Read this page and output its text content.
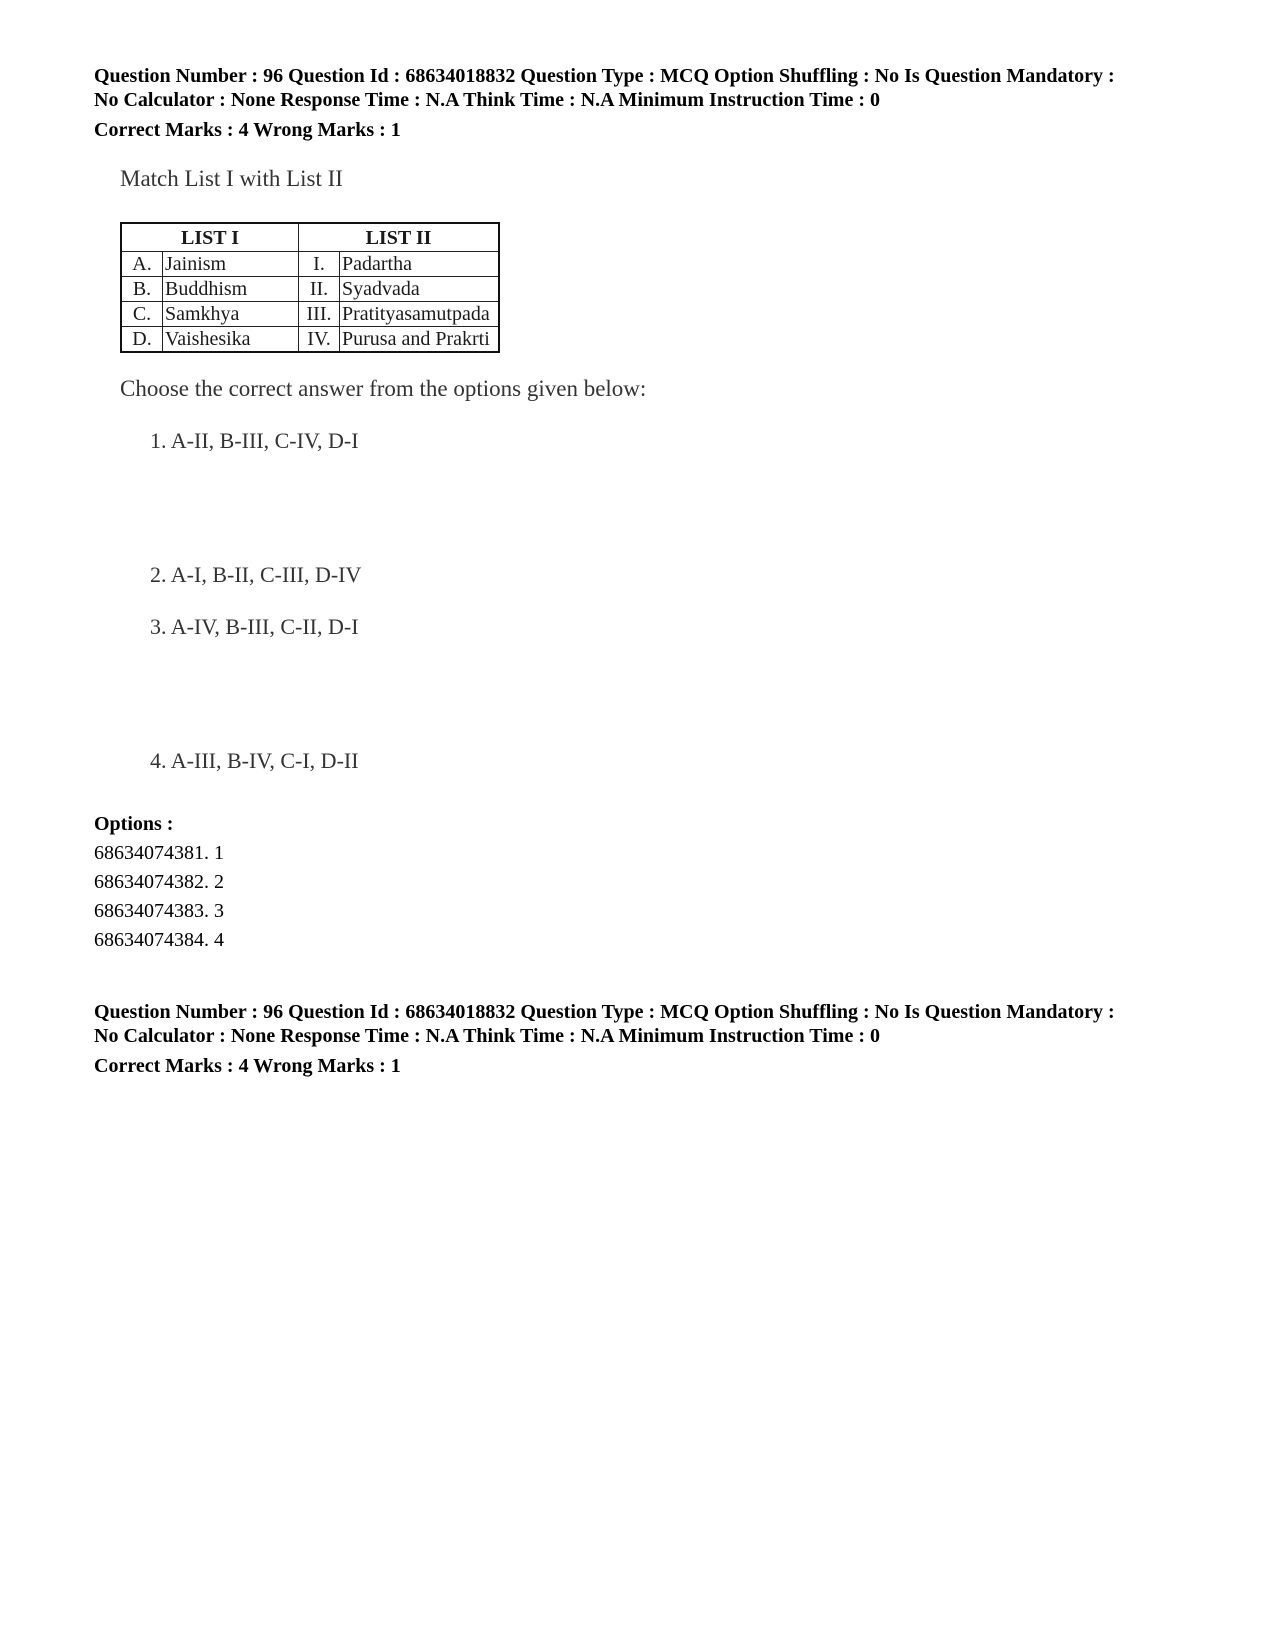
Question Number : 96 Question Id : 68634018832 Question Type : MCQ Option Shuffling : No Is Question Mandatory :
No Calculator : None Response Time : N.A Think Time : N.A Minimum Instruction Time : 0
Correct Marks : 4 Wrong Marks : 1
Match List I with List II
LIST I		LIST II	
A.	Jainism	I.	Padartha
B.	Buddhism	II.	Syadvada
C.	Samkhya	III.	Pratityasamutpada
D.	Vaishesika	IV.	Purusa and Prakrti
Choose the correct answer from the options given below:
1. A-II, B-III, C-IV, D-I
2. A-I, B-II, C-III, D-IV
3. A-IV, B-III, C-II, D-I
4. A-III, B-IV, C-I, D-II
Options :
68634074381. 1
68634074382. 2
68634074383. 3
68634074384. 4
Question Number : 96 Question Id : 68634018832 Question Type : MCQ Option Shuffling : No Is Question Mandatory :
No Calculator : None Response Time : N.A Think Time : N.A Minimum Instruction Time : 0
Correct Marks : 4 Wrong Marks : 1
